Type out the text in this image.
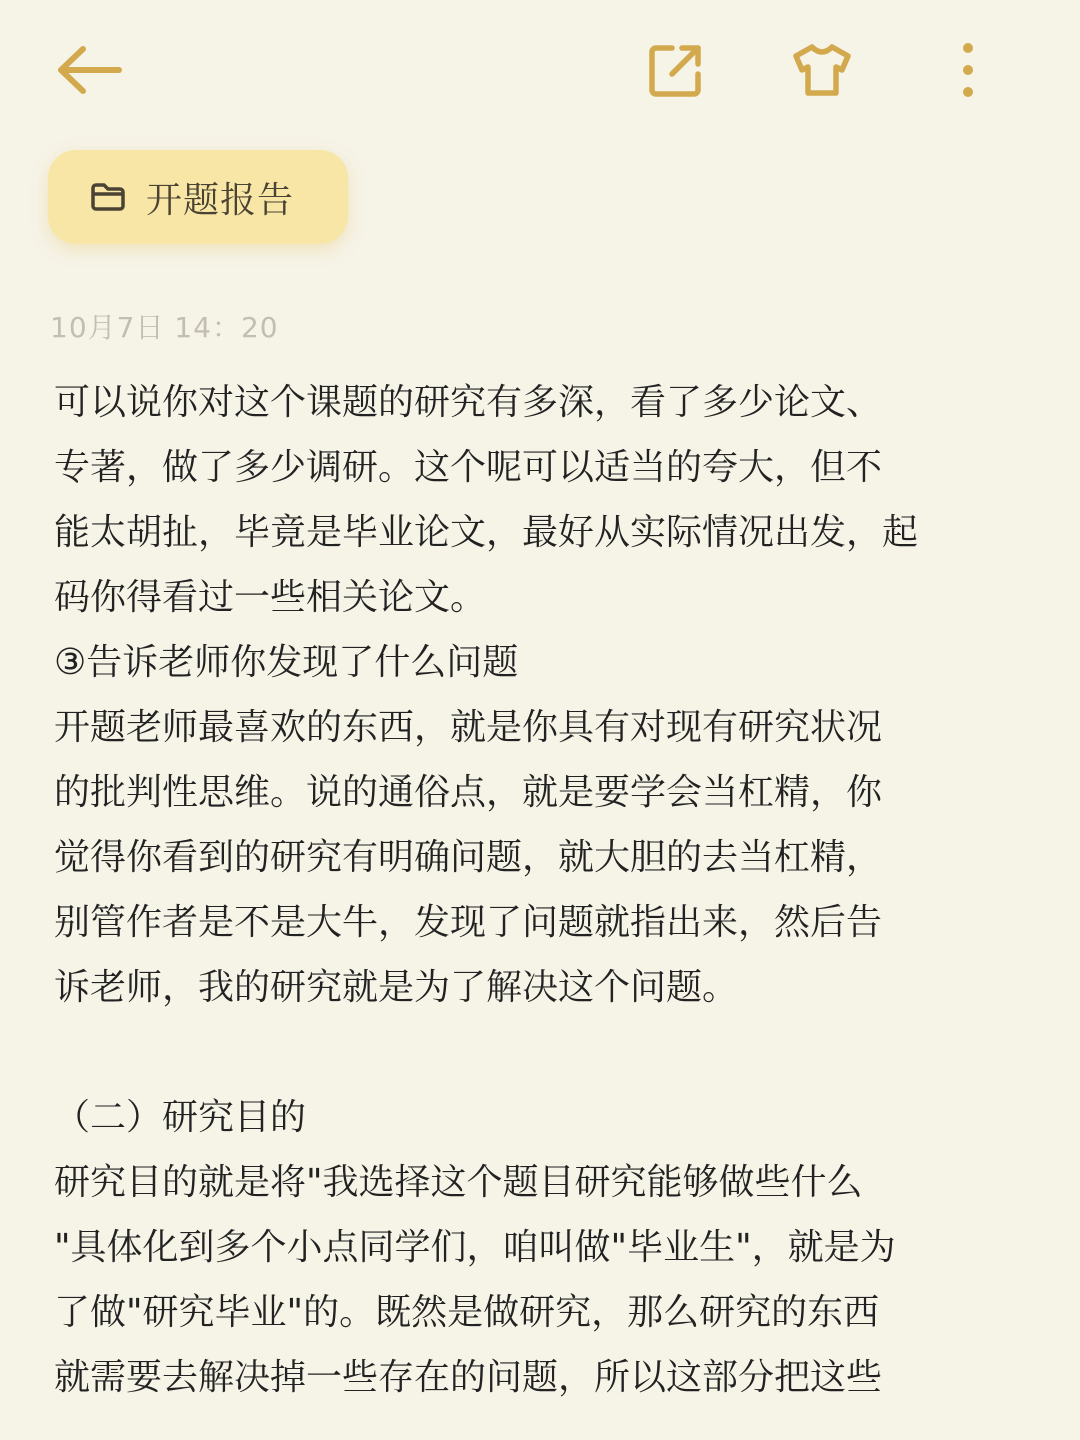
开题报告
10月7日 14：20

可以说你对这个课题的研究有多深，看了多少论文、

专著，做了多少调研。这个呢可以适当的夸大，但不

能太胡扯，毕竟是毕业论文，最好从实际情况出发，起

码你得看过一些相关论文。

③告诉老师你发现了什么问题

开题老师最喜欢的东西，就是你具有对现有研究状况

的批判性思维。说的通俗点，就是要学会当杠精，你

觉得你看到的研究有明确问题，就大胆的去当杠精，

别管作者是不是大牛，发现了问题就指出来，然后告

诉老师，我的研究就是为了解决这个问题。

（二）研究目的

研究目的就是将"我选择这个题目研究能够做些什么

"具体化到多个小点同学们，咱叫做"毕业生"，就是为

了做"研究毕业"的。既然是做研究，那么研究的东西

就需要去解决掉一些存在的问题，所以这部分把这些
